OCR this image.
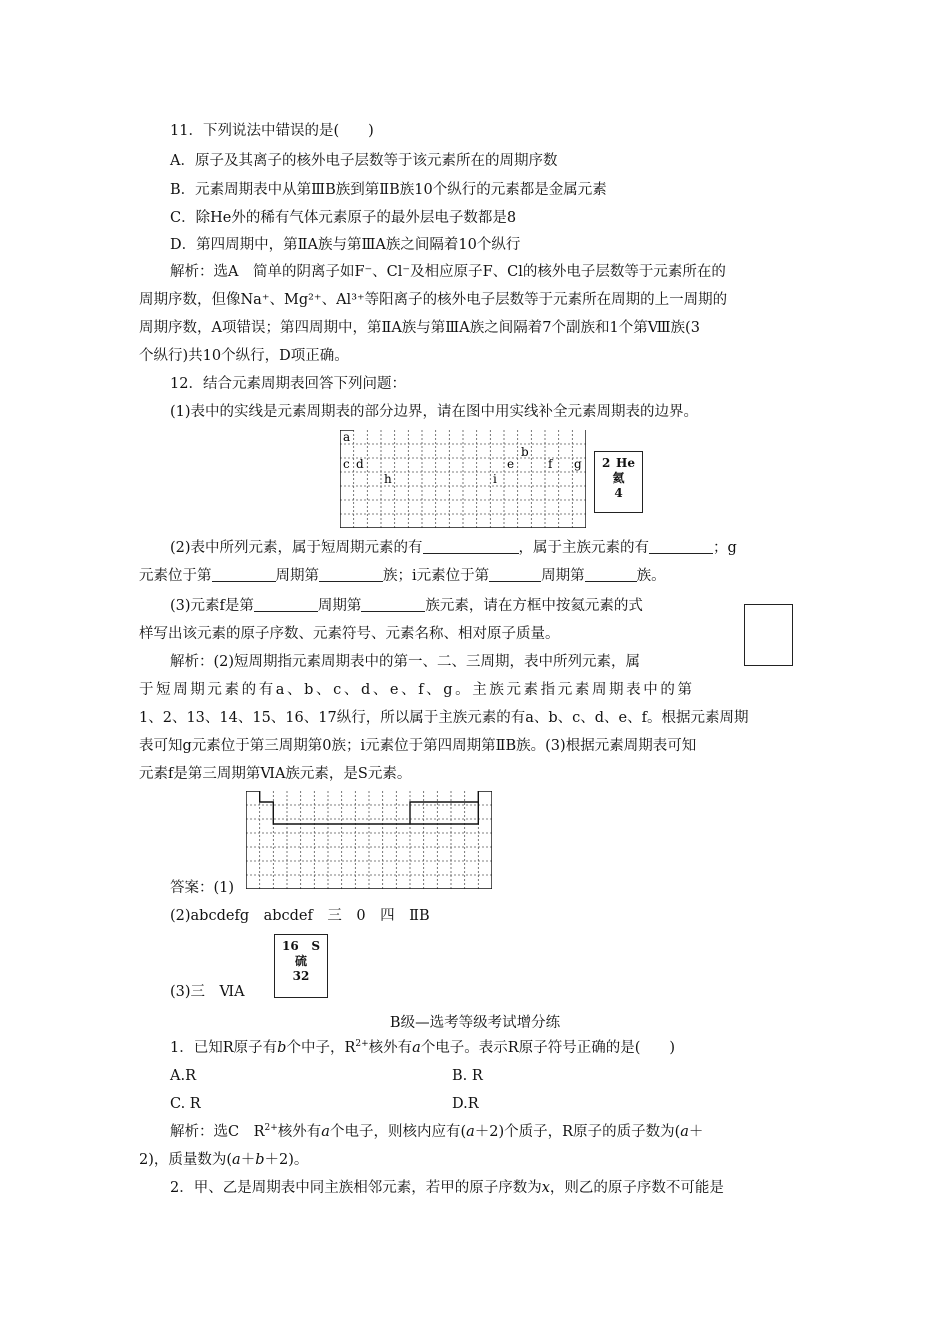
11．下列说法中错误的是(　　)
A．原子及其离子的核外电子层数等于该元素所在的周期序数
B．元素周期表中从第ⅢB族到第ⅡB族10个纵行的元素都是金属元素
C．除He外的稀有气体元素原子的最外层电子数都是8
D．第四周期中，第ⅡA族与第ⅢA族之间隔着10个纵行
解析：选A　简单的阴离子如F⁻、Cl⁻及相应原子F、Cl的核外电子层数等于元素所在的
周期序数，但像Na⁺、Mg²⁺、Al³⁺等阳离子的核外电子层数等于元素所在周期的上一周期的
周期序数，A项错误；第四周期中，第ⅡA族与第ⅢA族之间隔着7个副族和1个第Ⅷ族(3
个纵行)共10个纵行，D项正确。
12．结合元素周期表回答下列问题：
(1)表中的实线是元素周期表的部分边界，请在图中用实线补全元素周期表的边界。
a
b
c d	e	f g
h	i
2 He
氦
4
(2)表中所列元素，属于短周期元素的有	，属于主族元素的有	；g
元素位于第	周期第	族；i元素位于第	周期第	族。
(3)元素f是第	周期第	族元素，请在方框中按氦元素的式
样写出该元素的原子序数、元素符号、元素名称、相对原子质量。
解析：(2)短周期指元素周期表中的第一、二、三周期，表中所列元素，属
于短周期元素的有a、b、c、d、e、f、g。主族元素指元素周期表中的第
1、2、13、14、15、16、17纵行，所以属于主族元素的有a、b、c、d、e、f。根据元素周期
表可知g元素位于第三周期第0族；i元素位于第四周期第ⅡB族。(3)根据元素周期表可知
元素f是第三周期第ⅥA族元素，是S元素。
答案：(1)
(2)abcdefg　abcdef　三　0　四　ⅡB
16 S
硫
32
(3)三　ⅥA
B级—选考等级考试增分练
1．已知R原子有b个中子，$R^{2+}$核外有a个电子。表示R原子符号正确的是(　　)
A.R	B. R
C. R	D.R
解析：选C　$R^{2+}$核外有a个电子，则核内应有(a＋2)个质子，R原子的质子数为(a＋
2)，质量数为(a＋b＋2)。
2．甲、乙是周期表中同主族相邻元素，若甲的原子序数为x，则乙的原子序数不可能是
